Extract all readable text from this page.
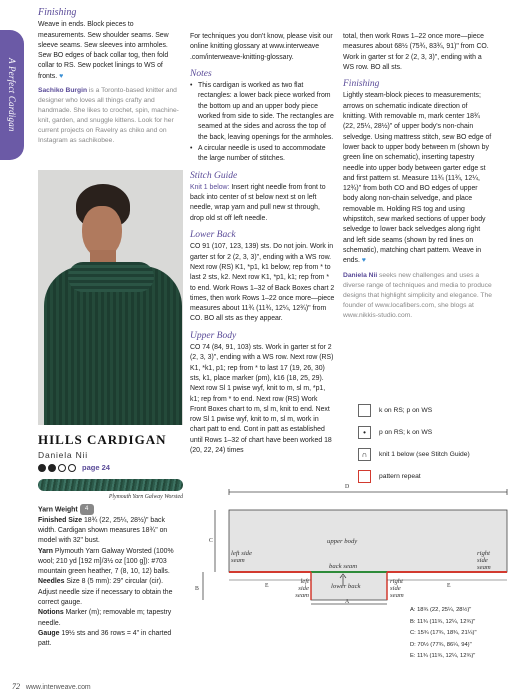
A Perfect Cardigan
Finishing

Weave in ends. Block pieces to measurements. Sew shoulder seams. Sew sleeve seams. Sew sleeves into armholes. Sew BO edges of back collar tog, then fold collar to RS. Sew pocket linings to WS of fronts. ♥

Sachiko Burgin is a Toronto-based knitter and designer who loves all things crafty and handmade. She likes to crochet, spin, machine-knit, garden, and snuggle kittens. Look for her current projects on Ravelry as chiko and on Instagram as sachikobee.

HILLS CARDIGAN
Daniela Nii
page 24
Plymouth Yarn Galway Worsted

Yarn Weight 4

Finished Size 18¾ (22, 25¼, 28½)" back width. Cardigan shown measures 18¾" on model with 32" bust.

Yarn Plymouth Yarn Galway Worsted (100% wool; 210 yd [192 m]/3½ oz [100 g]): #703 mountain green heather, 7 (8, 10, 12) balls.

Needles Size 8 (5 mm): 29" circular (cir). Adjust needle size if necessary to obtain the correct gauge.

Notions Marker (m); removable m; tapestry needle.

Gauge 19½ sts and 36 rows = 4" in charted patt.

For techniques you don't know, please visit our online knitting glossary at www.interweave .com/interweave-knitting-glossary.

Notes
• This cardigan is worked as two flat rectangles: a lower back piece worked from the bottom up and an upper body piece worked from side to side. The rectangles are seamed at the sides and across the top of the back, leaving openings for the armholes.
• A circular needle is used to accommodate the large number of stitches.
Stitch Guide

Knit 1 below: Insert right needle from front to back into center of st below next st on left needle, wrap yarn and pull new st through, drop old st off left needle.

Lower Back

CO 91 (107, 123, 139) sts. Do not join. Work in garter st for 2 (2, 3, 3)", ending with a WS row. Next row (RS) K1, *p1, k1 below; rep from * to last 2 sts, k2. Next row K1, *p1, k1; rep from * to end. Work Rows 1–32 of Back Boxes chart 2 times, then work Rows 1–22 once more—piece measures about 11¾ (11¾, 12¼, 12¾)" from CO. BO all sts as they appear.

Upper Body

CO 74 (84, 91, 103) sts. Work in garter st for 2 (2, 3, 3)", ending with a WS row. Next row (RS) K1, *k1, p1; rep from * to last 17 (19, 26, 30) sts, k1, place marker (pm), k16 (18, 25, 29). Next row Sl 1 pwise wyf, knit to m, sl m, *p1, k1; rep from * to end. Next row (RS) Work Front Boxes chart to m, sl m, knit to end. Next row Sl 1 pwise wyf, knit to m, sl m, work in chart patt to end. Cont in patt as established until Rows 1–32 of chart have been worked 18 (20, 22, 24) times

total, then work Rows 1–22 once more—piece measures about 68½ (75¾, 83¾, 91)" from CO. Work in garter st for 2 (2, 3, 3)", ending with a WS row. BO all sts.

Finishing

Lightly steam-block pieces to measurements; arrows on schematic indicate direction of knitting. With removable m, mark center 18¾ (22, 25¼, 28½)" of upper body's non-chain selvedge. Using mattress stitch, sew BO edge of lower back to upper body between m (shown by green line on schematic), inserting tapestry needle into upper body between garter edge st and first pattern st. Measure 11¾ (11¾, 12¼, 12¾)" from both CO and BO edges of upper body along non-chain selvedge, and place removable m. Holding RS tog and using whipstitch, sew marked sections of upper body selvedge to lower back selvedges along right and left side seams (shown by red lines on schematic), matching chart pattern. Weave in ends. ♥

Daniela Nii seeks new challenges and uses a diverse range of techniques and media to produce designs that highlight simplicity and elegance. The founder of www.locafibers.com, she blogs at www.nikkis-studio.com.

k on RS; p on WS
•	p on RS; k on WS
∩	knit 1 below (see Stitch Guide)
pattern repeat
D
C
B
A
E	E
upper body
back seam
lower back
left side seam
right side seam
left side seam
right side seam
A: 18¾ (22, 25¼, 28½)"
B: 11¾ (11¾, 12¼, 12¾)"
C: 15¾ (17¾, 18¾, 21¼)"
D: 70½ (77¾, 86¼, 94)"
E: 11¾ (11¾, 12¼, 12¾)"
72 www.interweave.com
